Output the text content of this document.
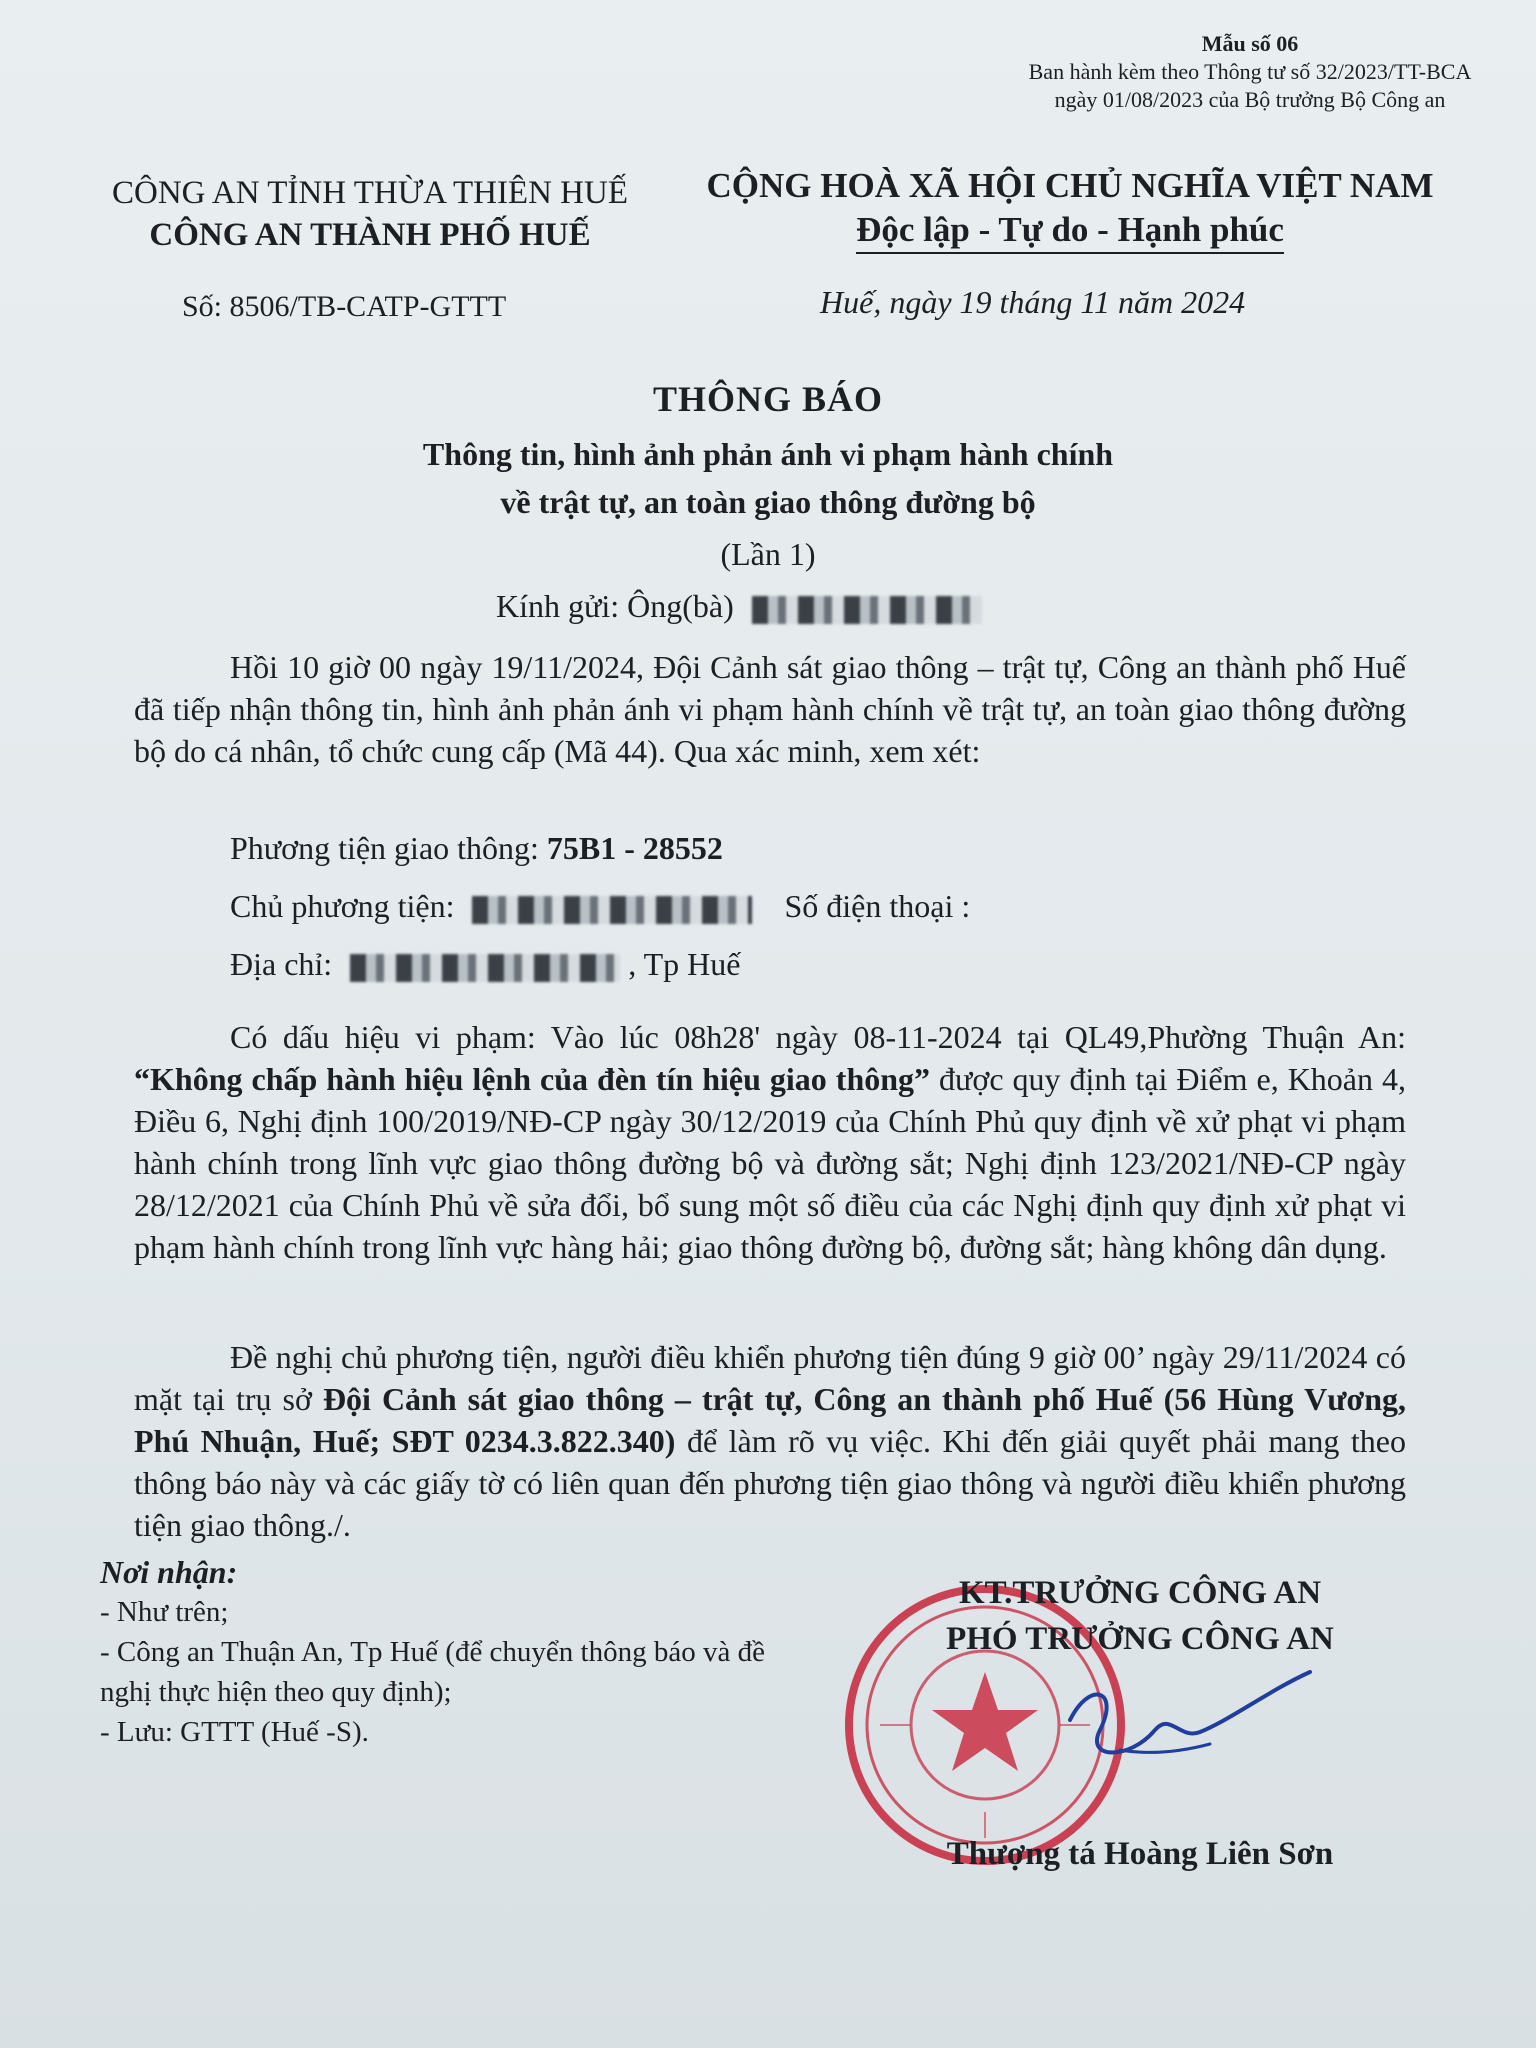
Mẫu số 06
Ban hành kèm theo Thông tư số 32/2023/TT-BCA
ngày 01/08/2023 của Bộ trưởng Bộ Công an
CÔNG AN TỈNH THỪA THIÊN HUẾ
CÔNG AN THÀNH PHỐ HUẾ
CỘNG HOÀ XÃ HỘI CHỦ NGHĨA VIỆT NAM
Độc lập - Tự do - Hạnh phúc
Số: 8506/TB-CATP-GTTT	Huế, ngày 19 tháng 11 năm 2024
THÔNG BÁO
Thông tin, hình ảnh phản ánh vi phạm hành chính
về trật tự, an toàn giao thông đường bộ
(Lần 1)
Kính gửi: Ông(bà)
Hồi 10 giờ 00 ngày 19/11/2024, Đội Cảnh sát giao thông – trật tự, Công an thành phố Huế đã tiếp nhận thông tin, hình ảnh phản ánh vi phạm hành chính về trật tự, an toàn giao thông đường bộ do cá nhân, tổ chức cung cấp (Mã 44). Qua xác minh, xem xét:
Phương tiện giao thông: 75B1 - 28552
Chủ phương tiện:	Số điện thoại :
Địa chỉ:	, Tp Huế
Có dấu hiệu vi phạm: Vào lúc 08h28' ngày 08-11-2024 tại QL49,Phường Thuận An: “Không chấp hành hiệu lệnh của đèn tín hiệu giao thông” được quy định tại Điểm e, Khoản 4, Điều 6, Nghị định 100/2019/NĐ-CP ngày 30/12/2019 của Chính Phủ quy định về xử phạt vi phạm hành chính trong lĩnh vực giao thông đường bộ và đường sắt; Nghị định 123/2021/NĐ-CP ngày 28/12/2021 của Chính Phủ về sửa đổi, bổ sung một số điều của các Nghị định quy định xử phạt vi phạm hành chính trong lĩnh vực hàng hải; giao thông đường bộ, đường sắt; hàng không dân dụng.
Đề nghị chủ phương tiện, người điều khiển phương tiện đúng 9 giờ 00’ ngày 29/11/2024 có mặt tại trụ sở Đội Cảnh sát giao thông – trật tự, Công an thành phố Huế (56 Hùng Vương, Phú Nhuận, Huế; SĐT 0234.3.822.340) để làm rõ vụ việc. Khi đến giải quyết phải mang theo thông báo này và các giấy tờ có liên quan đến phương tiện giao thông và người điều khiển phương tiện giao thông./.
Nơi nhận:
- Như trên;
- Công an Thuận An, Tp Huế (để chuyển thông báo và đề nghị thực hiện theo quy định);
- Lưu: GTTT (Huế -S).
KT.TRƯỞNG CÔNG AN
PHÓ TRƯỞNG CÔNG AN
Thượng tá Hoàng Liên Sơn
